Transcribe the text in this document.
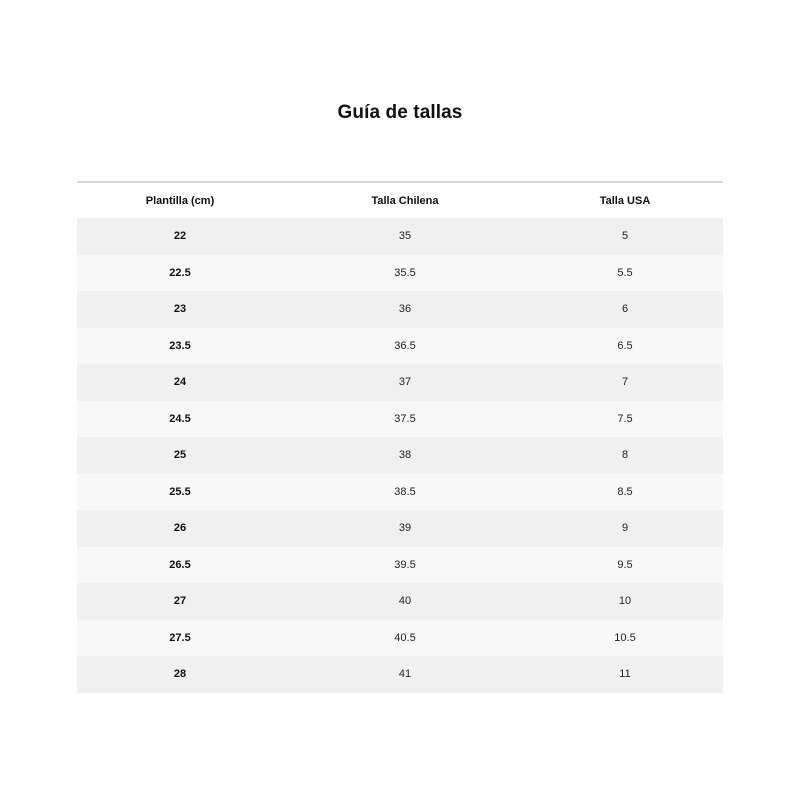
Guía de tallas
Plantilla (cm)	Talla Chilena	Talla USA
22	35	5
22.5	35.5	5.5
23	36	6
23.5	36.5	6.5
24	37	7
24.5	37.5	7.5
25	38	8
25.5	38.5	8.5
26	39	9
26.5	39.5	9.5
27	40	10
27.5	40.5	10.5
28	41	11
